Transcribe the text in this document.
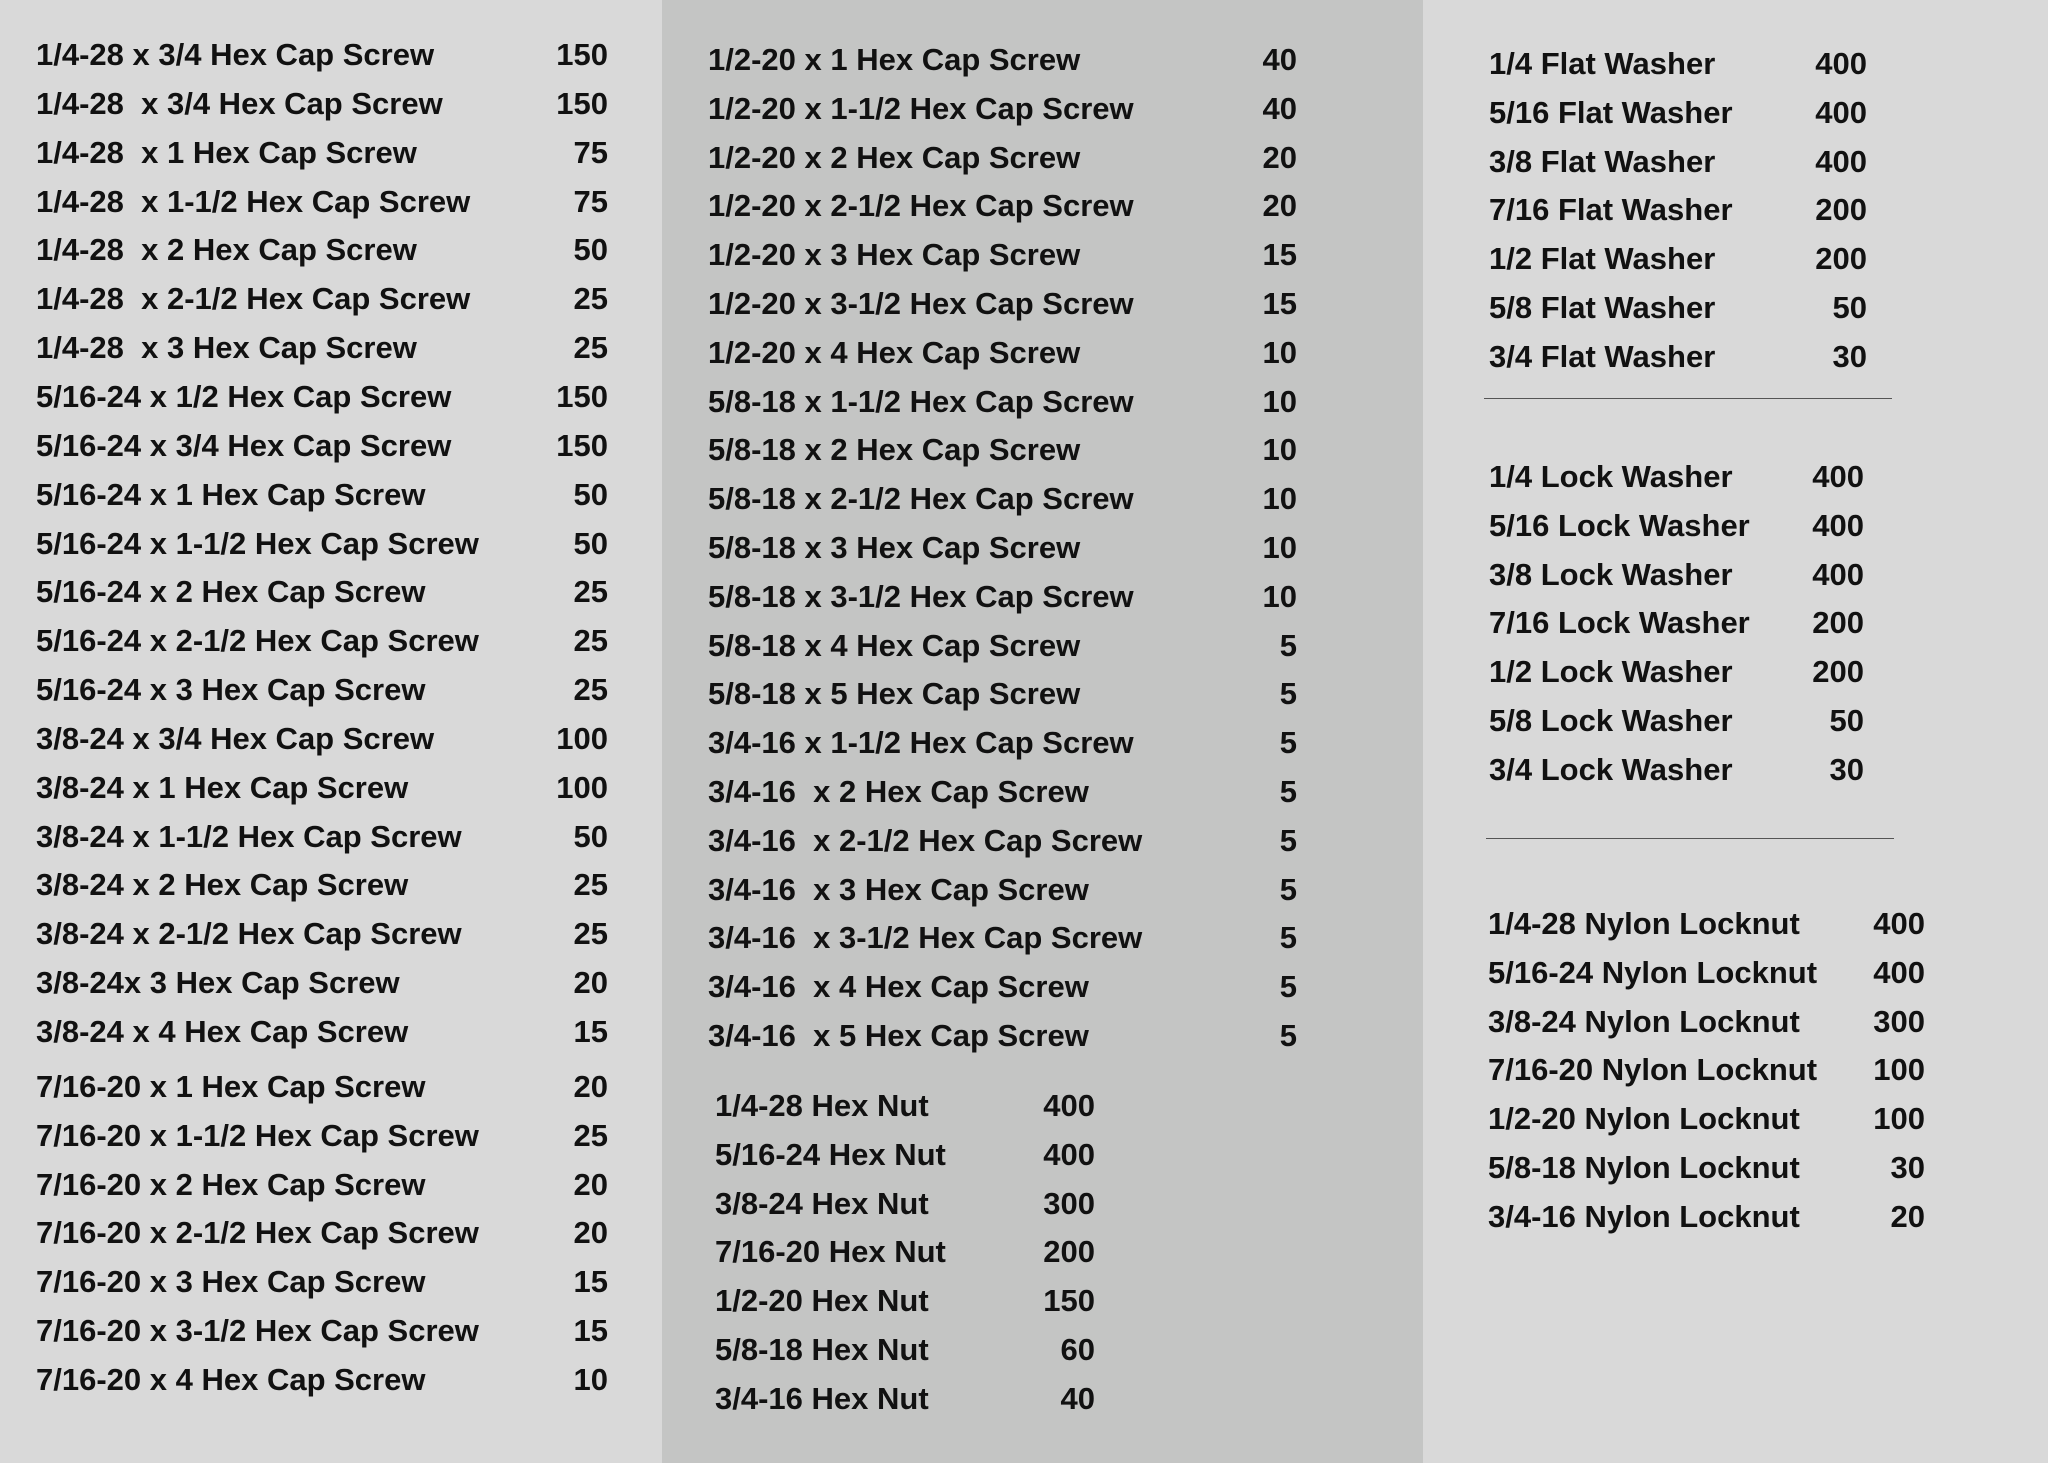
1/4-28 x 3/4 Hex Cap Screw	150
1/4-28  x 3/4 Hex Cap Screw	150
1/4-28  x 1 Hex Cap Screw	75
1/4-28  x 1-1/2 Hex Cap Screw	75
1/4-28  x 2 Hex Cap Screw	50
1/4-28  x 2-1/2 Hex Cap Screw	25
1/4-28  x 3 Hex Cap Screw	25
5/16-24 x 1/2 Hex Cap Screw	150
5/16-24 x 3/4 Hex Cap Screw	150
5/16-24 x 1 Hex Cap Screw	50
5/16-24 x 1-1/2 Hex Cap Screw	50
5/16-24 x 2 Hex Cap Screw	25
5/16-24 x 2-1/2 Hex Cap Screw	25
5/16-24 x 3 Hex Cap Screw	25
3/8-24 x 3/4 Hex Cap Screw	100
3/8-24 x 1 Hex Cap Screw	100
3/8-24 x 1-1/2 Hex Cap Screw	50
3/8-24 x 2 Hex Cap Screw	25
3/8-24 x 2-1/2 Hex Cap Screw	25
3/8-24x 3 Hex Cap Screw	20
3/8-24 x 4 Hex Cap Screw	15
7/16-20 x 1 Hex Cap Screw	20
7/16-20 x 1-1/2 Hex Cap Screw	25
7/16-20 x 2 Hex Cap Screw	20
7/16-20 x 2-1/2 Hex Cap Screw	20
7/16-20 x 3 Hex Cap Screw	15
7/16-20 x 3-1/2 Hex Cap Screw	15
7/16-20 x 4 Hex Cap Screw	10
1/2-20 x 1 Hex Cap Screw	40
1/2-20 x 1-1/2 Hex Cap Screw	40
1/2-20 x 2 Hex Cap Screw	20
1/2-20 x 2-1/2 Hex Cap Screw	20
1/2-20 x 3 Hex Cap Screw	15
1/2-20 x 3-1/2 Hex Cap Screw	15
1/2-20 x 4 Hex Cap Screw	10
5/8-18 x 1-1/2 Hex Cap Screw	10
5/8-18 x 2 Hex Cap Screw	10
5/8-18 x 2-1/2 Hex Cap Screw	10
5/8-18 x 3 Hex Cap Screw	10
5/8-18 x 3-1/2 Hex Cap Screw	10
5/8-18 x 4 Hex Cap Screw	5
5/8-18 x 5 Hex Cap Screw	5
3/4-16 x 1-1/2 Hex Cap Screw	5
3/4-16  x 2 Hex Cap Screw	5
3/4-16  x 2-1/2 Hex Cap Screw	5
3/4-16  x 3 Hex Cap Screw	5
3/4-16  x 3-1/2 Hex Cap Screw	5
3/4-16  x 4 Hex Cap Screw	5
3/4-16  x 5 Hex Cap Screw	5
1/4-28 Hex Nut	400
5/16-24 Hex Nut	400
3/8-24 Hex Nut	300
7/16-20 Hex Nut	200
1/2-20 Hex Nut	150
5/8-18 Hex Nut	60
3/4-16 Hex Nut	40
1/4 Flat Washer	400
5/16 Flat Washer	400
3/8 Flat Washer	400
7/16 Flat Washer	200
1/2 Flat Washer	200
5/8 Flat Washer	50
3/4 Flat Washer	30
1/4 Lock Washer	400
5/16 Lock Washer 400
3/8 Lock Washer	400
7/16 Lock Washer 200
1/2 Lock Washer	200
5/8 Lock Washer	50
3/4 Lock Washer	30
1/4-28 Nylon Locknut 400
5/16-24 Nylon Locknut 400
3/8-24 Nylon Locknut 300
7/16-20 Nylon Locknut 100
1/2-20 Nylon Locknut 100
5/8-18 Nylon Locknut	30
3/4-16 Nylon Locknut	20
